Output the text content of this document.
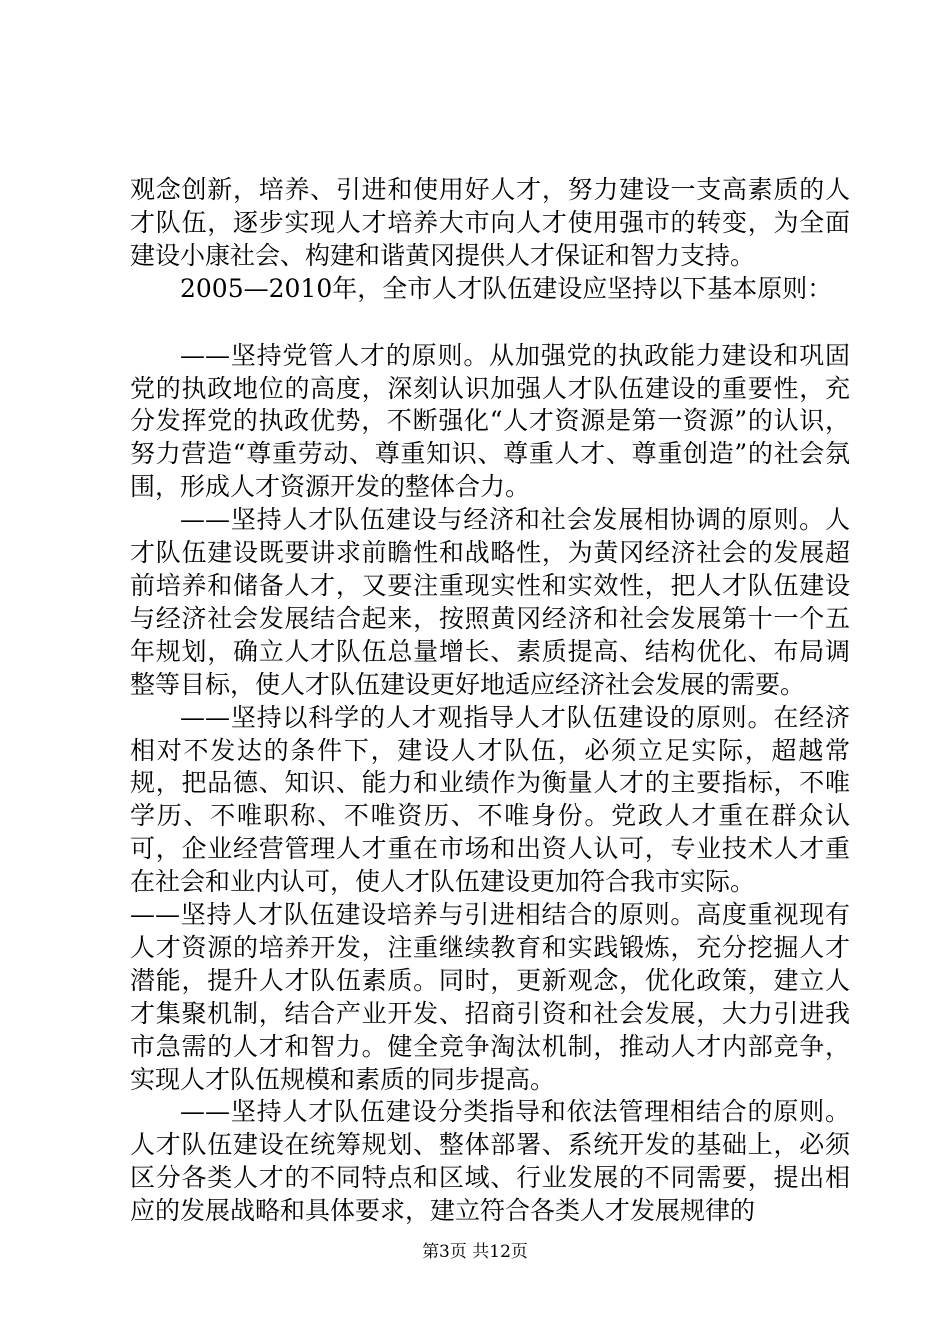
观念创新，培养、引进和使用好人才，努力建设一支高素质的人才队伍，逐步实现人才培养大市向人才使用强市的转变，为全面建设小康社会、构建和谐黄冈提供人才保证和智力支持。

2005—2010年，全市人才队伍建设应坚持以下基本原则：

——坚持党管人才的原则。从加强党的执政能力建设和巩固党的执政地位的高度，深刻认识加强人才队伍建设的重要性，充分发挥党的执政优势，不断强化“人才资源是第一资源”的认识，努力营造“尊重劳动、尊重知识、尊重人才、尊重创造”的社会氛围，形成人才资源开发的整体合力。

——坚持人才队伍建设与经济和社会发展相协调的原则。人才队伍建设既要讲求前瞻性和战略性，为黄冈经济社会的发展超前培养和储备人才，又要注重现实性和实效性，把人才队伍建设与经济社会发展结合起来，按照黄冈经济和社会发展第十一个五年规划，确立人才队伍总量增长、素质提高、结构优化、布局调整等目标，使人才队伍建设更好地适应经济社会发展的需要。

——坚持以科学的人才观指导人才队伍建设的原则。在经济相对不发达的条件下，建设人才队伍，必须立足实际，超越常规，把品德、知识、能力和业绩作为衡量人才的主要指标，不唯学历、不唯职称、不唯资历、不唯身份。党政人才重在群众认可，企业经营管理人才重在市场和出资人认可，专业技术人才重在社会和业内认可，使人才队伍建设更加符合我市实际。

——坚持人才队伍建设培养与引进相结合的原则。高度重视现有人才资源的培养开发，注重继续教育和实践锻炼，充分挖掘人才潜能，提升人才队伍素质。同时，更新观念，优化政策，建立人才集聚机制，结合产业开发、招商引资和社会发展，大力引进我市急需的人才和智力。健全竞争淘汰机制，推动人才内部竞争，实现人才队伍规模和素质的同步提高。

——坚持人才队伍建设分类指导和依法管理相结合的原则。人才队伍建设在统筹规划、整体部署、系统开发的基础上，必须区分各类人才的不同特点和区域、行业发展的不同需要，提出相应的发展战略和具体要求，建立符合各类人才发展规律的

第3页 共12页
